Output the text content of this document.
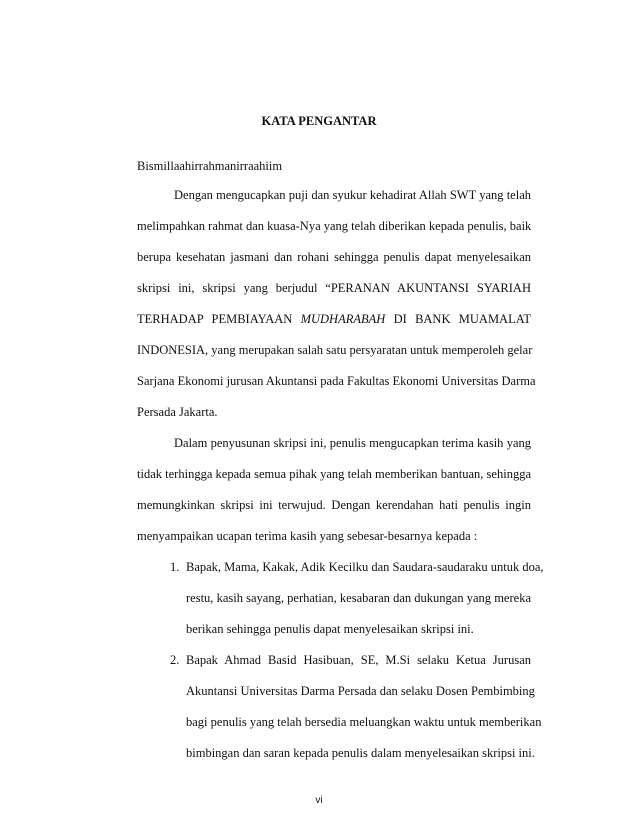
KATA PENGANTAR
Bismillaahirrahmanirraahiim
Dengan mengucapkan puji dan syukur kehadirat Allah SWT yang telah
melimpahkan rahmat dan kuasa-Nya yang telah diberikan kepada penulis, baik
berupa kesehatan jasmani dan rohani sehingga penulis dapat menyelesaikan
skripsi ini, skripsi yang berjudul “PERANAN AKUNTANSI SYARIAH
TERHADAP PEMBIAYAAN MUDHARABAH DI BANK MUAMALAT
INDONESIA, yang merupakan salah satu persyaratan untuk memperoleh gelar
Sarjana Ekonomi jurusan Akuntansi pada Fakultas Ekonomi Universitas Darma
Persada Jakarta.
Dalam penyusunan skripsi ini, penulis mengucapkan terima kasih yang
tidak terhingga kepada semua pihak yang telah memberikan bantuan, sehingga
memungkinkan skripsi ini terwujud. Dengan kerendahan hati penulis ingin
menyampaikan ucapan terima kasih yang sebesar-besarnya kepada :
1. Bapak, Mama, Kakak, Adik Kecilku dan Saudara-saudaraku untuk doa,
restu, kasih sayang, perhatian, kesabaran dan dukungan yang mereka
berikan sehingga penulis dapat menyelesaikan skripsi ini.
2. Bapak Ahmad Basid Hasibuan, SE, M.Si selaku Ketua Jurusan
Akuntansi Universitas Darma Persada dan selaku Dosen Pembimbing
bagi penulis yang telah bersedia meluangkan waktu untuk memberikan
bimbingan dan saran kepada penulis dalam menyelesaikan skripsi ini.
vi
